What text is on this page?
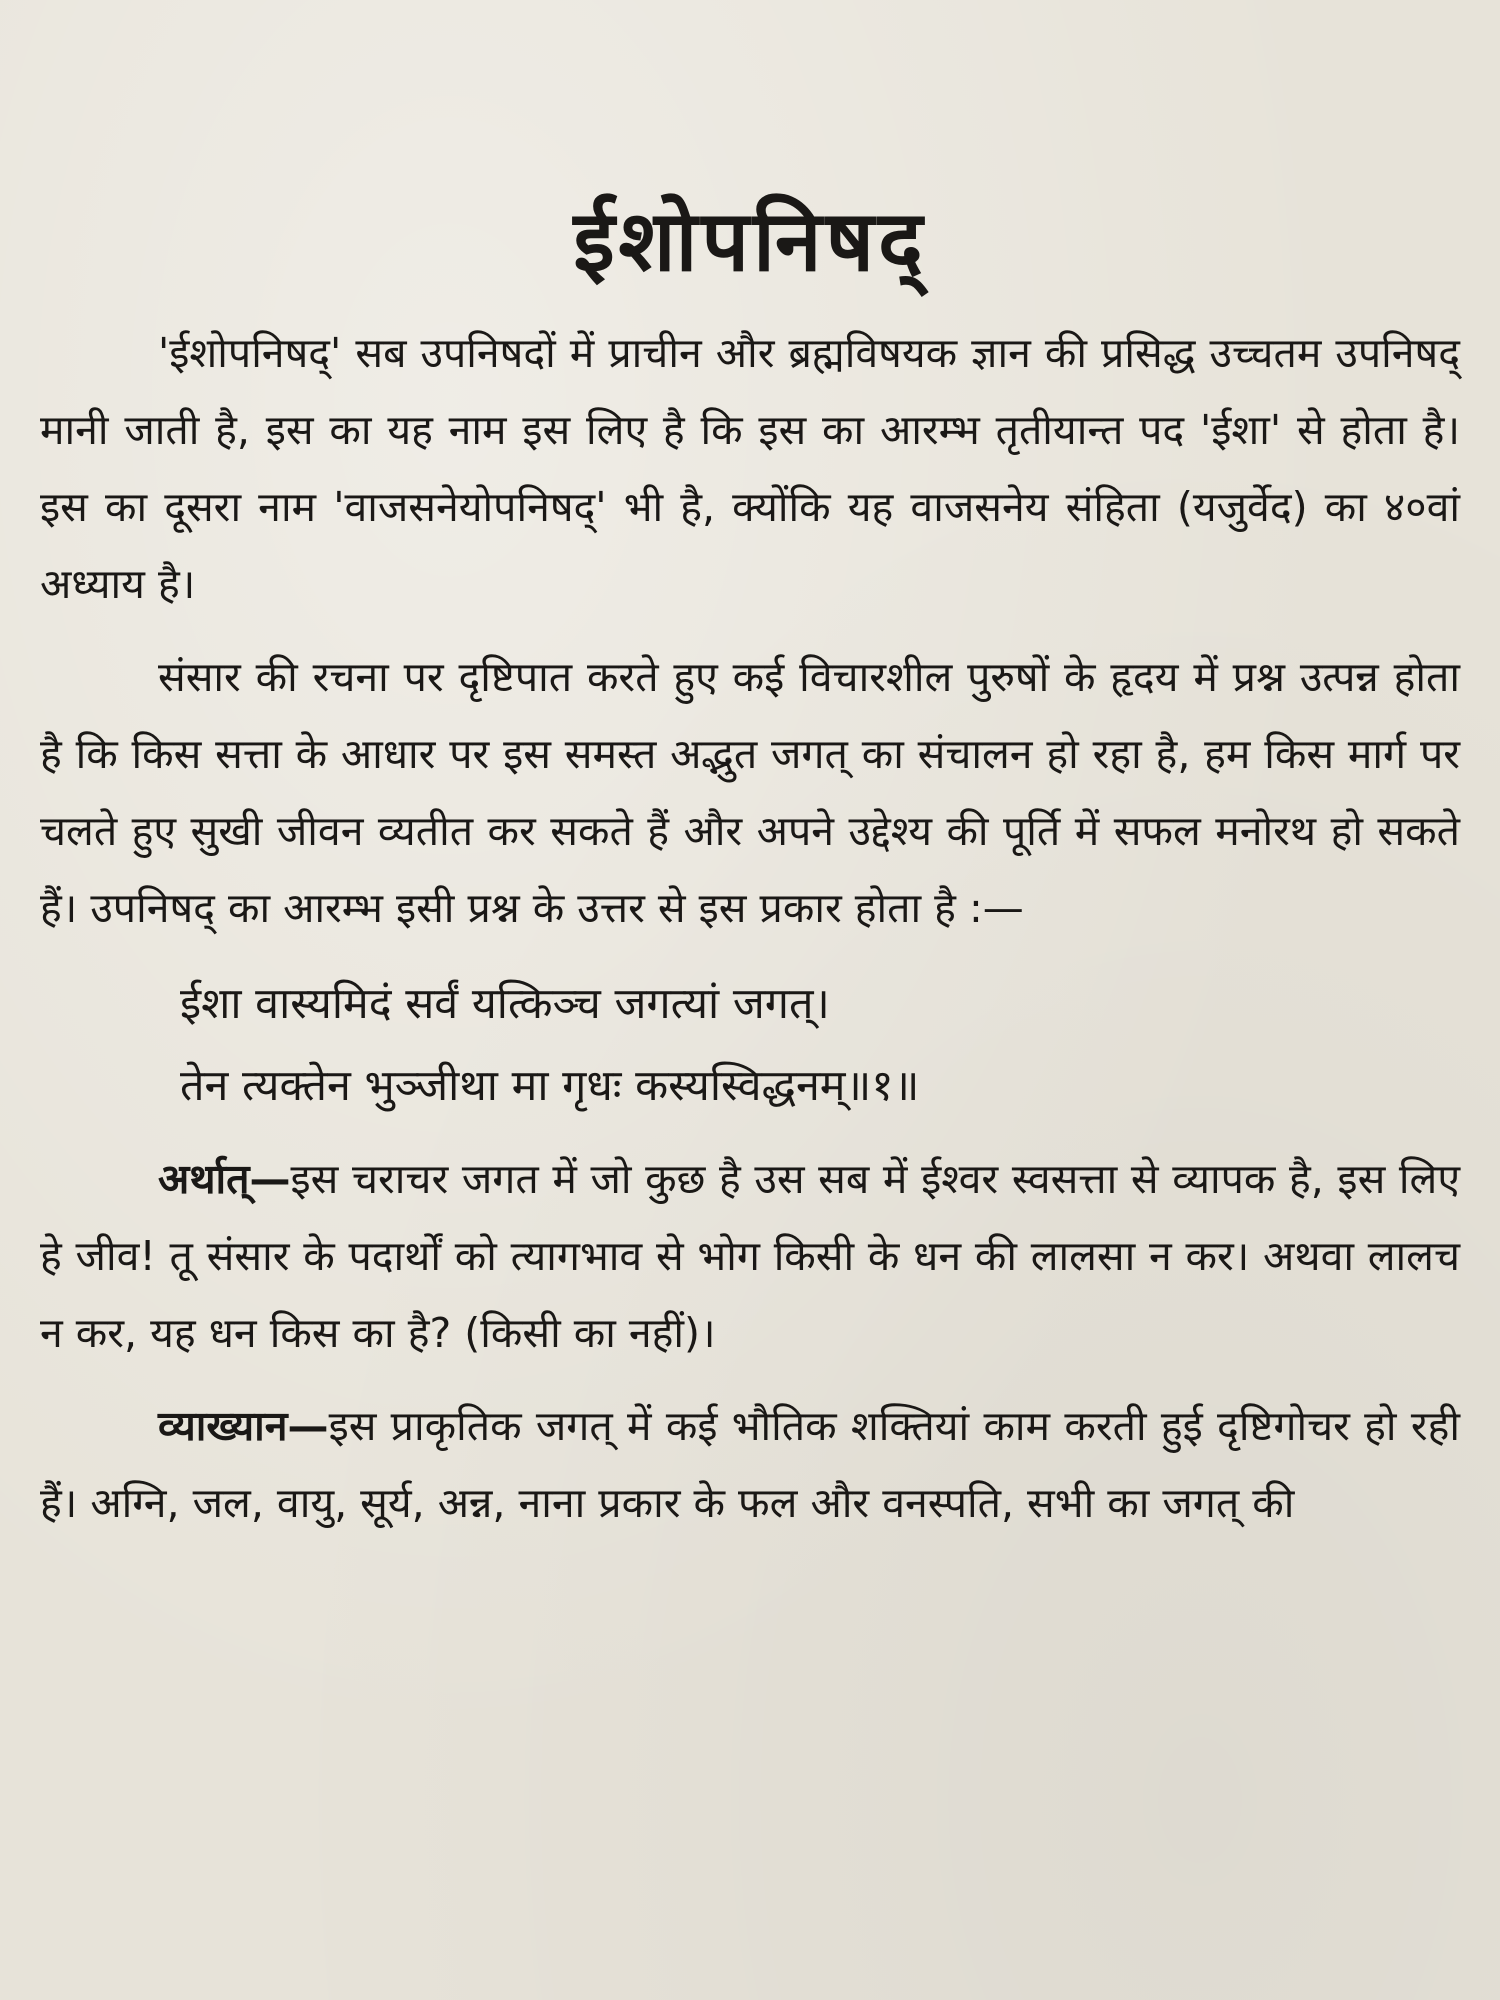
ईशोपनिषद्

'ईशोपनिषद्' सब उपनिषदों में प्राचीन और ब्रह्मविषयक ज्ञान की प्रसिद्ध उच्चतम उपनिषद् मानी जाती है, इस का यह नाम इस लिए है कि इस का आरम्भ तृतीयान्त पद 'ईशा' से होता है। इस का दूसरा नाम 'वाजसनेयोपनिषद्' भी है, क्योंकि यह वाजसनेय संहिता (यजुर्वेद) का ४०वां अध्याय है।

संसार की रचना पर दृष्टिपात करते हुए कई विचारशील पुरुषों के हृदय में प्रश्न उत्पन्न होता है कि किस सत्ता के आधार पर इस समस्त अद्भुत जगत् का संचालन हो रहा है, हम किस मार्ग पर चलते हुए सुखी जीवन व्यतीत कर सकते हैं और अपने उद्देश्य की पूर्ति में सफल मनोरथ हो सकते हैं। उपनिषद् का आरम्भ इसी प्रश्न के उत्तर से इस प्रकार होता है :—

ईशा वास्यमिदं सर्वं यत्किञ्च जगत्यां जगत्।
तेन त्यक्तेन भुञ्जीथा मा गृधः कस्यस्विद्धनम्॥१॥

अर्थात्—इस चराचर जगत में जो कुछ है उस सब में ईश्वर स्वसत्ता से व्यापक है, इस लिए हे जीव! तू संसार के पदार्थों को त्यागभाव से भोग किसी के धन की लालसा न कर। अथवा लालच न कर, यह धन किस का है? (किसी का नहीं)।

व्याख्यान—इस प्राकृतिक जगत् में कई भौतिक शक्तियां काम करती हुई दृष्टिगोचर हो रही हैं। अग्नि, जल, वायु, सूर्य, अन्न, नाना प्रकार के फल और वनस्पति, सभी का जगत् की
